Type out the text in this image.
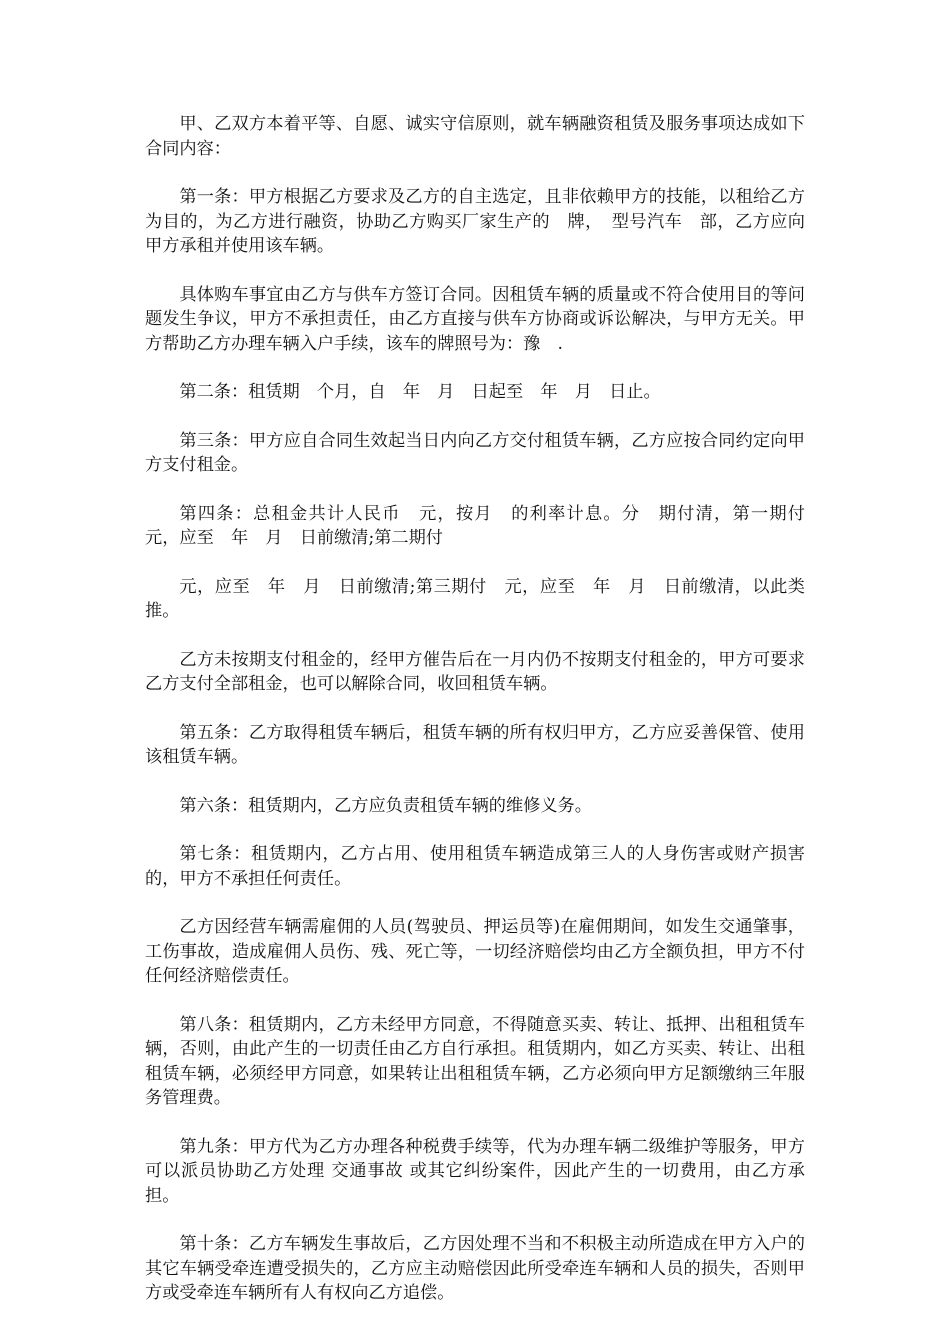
甲、乙双方本着平等、自愿、诚实守信原则，就车辆融资租赁及服务事项达成如下合同内容：

第一条：甲方根据乙方要求及乙方的自主选定，且非依赖甲方的技能，以租给乙方为目的，为乙方进行融资，协助乙方购买厂家生产的　牌，　型号汽车　部，乙方应向甲方承租并使用该车辆。

具体购车事宜由乙方与供车方签订合同。因租赁车辆的质量或不符合使用目的等问题发生争议，甲方不承担责任，由乙方直接与供车方协商或诉讼解决，与甲方无关。甲方帮助乙方办理车辆入户手续，该车的牌照号为：豫　.

第二条：租赁期　个月，自　年　月　日起至　年　月　日止。

第三条：甲方应自合同生效起当日内向乙方交付租赁车辆，乙方应按合同约定向甲方支付租金。

第四条：总租金共计人民币　元，按月　的利率计息。分　期付清，第一期付　元，应至　年　月　日前缴清;第二期付

元，应至　年　月　日前缴清;第三期付　元，应至　年　月　日前缴清，以此类推。

乙方未按期支付租金的，经甲方催告后在一月内仍不按期支付租金的，甲方可要求乙方支付全部租金，也可以解除合同，收回租赁车辆。

第五条：乙方取得租赁车辆后，租赁车辆的所有权归甲方，乙方应妥善保管、使用该租赁车辆。

第六条：租赁期内，乙方应负责租赁车辆的维修义务。

第七条：租赁期内，乙方占用、使用租赁车辆造成第三人的人身伤害或财产损害的，甲方不承担任何责任。

乙方因经营车辆需雇佣的人员(驾驶员、押运员等)在雇佣期间，如发生交通肇事，工伤事故，造成雇佣人员伤、残、死亡等，一切经济赔偿均由乙方全额负担，甲方不付任何经济赔偿责任。

第八条：租赁期内，乙方未经甲方同意，不得随意买卖、转让、抵押、出租租赁车辆，否则，由此产生的一切责任由乙方自行承担。租赁期内，如乙方买卖、转让、出租租赁车辆，必须经甲方同意，如果转让出租租赁车辆，乙方必须向甲方足额缴纳三年服务管理费。

第九条：甲方代为乙方办理各种税费手续等，代为办理车辆二级维护等服务，甲方可以派员协助乙方处理 交通事故 或其它纠纷案件，因此产生的一切费用，由乙方承担。

第十条：乙方车辆发生事故后，乙方因处理不当和不积极主动所造成在甲方入户的其它车辆受牵连遭受损失的，乙方应主动赔偿因此所受牵连车辆和人员的损失，否则甲方或受牵连车辆所有人有权向乙方追偿。
